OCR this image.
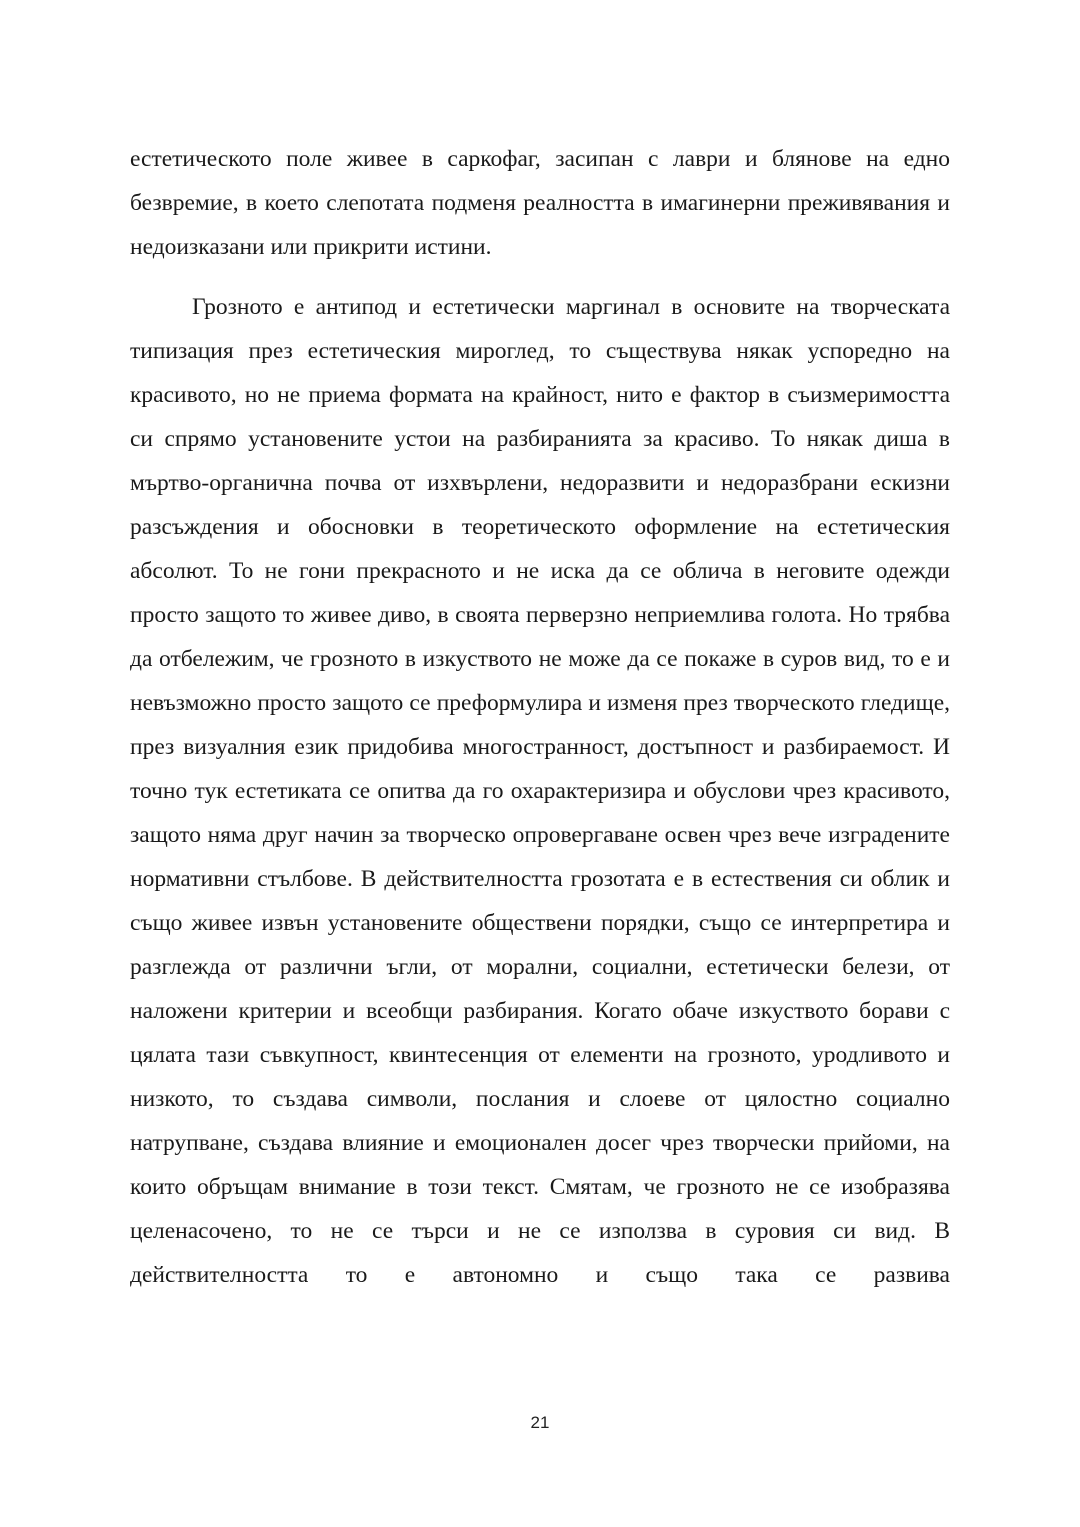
естетическото поле живее в саркофаг, засипан с лаври и блянове на едно безвремие, в което слепотата подменя реалността в имагинерни преживявания и недоизказани или прикрити истини.

Грозното е антипод и естетически маргинал в основите на творческата типизация през естетическия мироглед, то съществува някак успоредно на красивото, но не приема формата на крайност, нито е фактор в съизмеримостта си спрямо установените устои на разбиранията за красиво. То някак диша в мъртво-органична почва от изхвърлени, недоразвити и недоразбрани ескизни разсъждения и обосновки в теоретическото оформление на естетическия абсолют. То не гони прекрасното и не иска да се облича в неговите одежди просто защото то живее диво, в своята перверзно неприемлива голота. Но трябва да отбележим, че грозното в изкуството не може да се покаже в суров вид, то е и невъзможно просто защото се преформулира и изменя през творческото гледище, през визуалния език придобива многостранност, достъпност и разбираемост. И точно тук естетиката се опитва да го охарактеризира и обуслови чрез красивото, защото няма друг начин за творческо опровергаване освен чрез вече изградените нормативни стълбове. В действителността грозотата е в естествения си облик и също живее извън установените обществени порядки, също се интерпретира и разглежда от различни ъгли, от морални, социални, естетически белези, от наложени критерии и всеобщи разбирания. Когато обаче изкуството борави с цялата тази съвкупност, квинтесенция от елементи на грозното, уродливото и низкото, то създава символи, послания и слоеве от цялостно социално натрупване, създава влияние и емоционален досег чрез творчески прийоми, на които обръщам внимание в този текст. Смятам, че грозното не се изобразява целенасочено, то не се търси и не се използва в суровия си вид. В действителността то е автономно и също така се развива

21
